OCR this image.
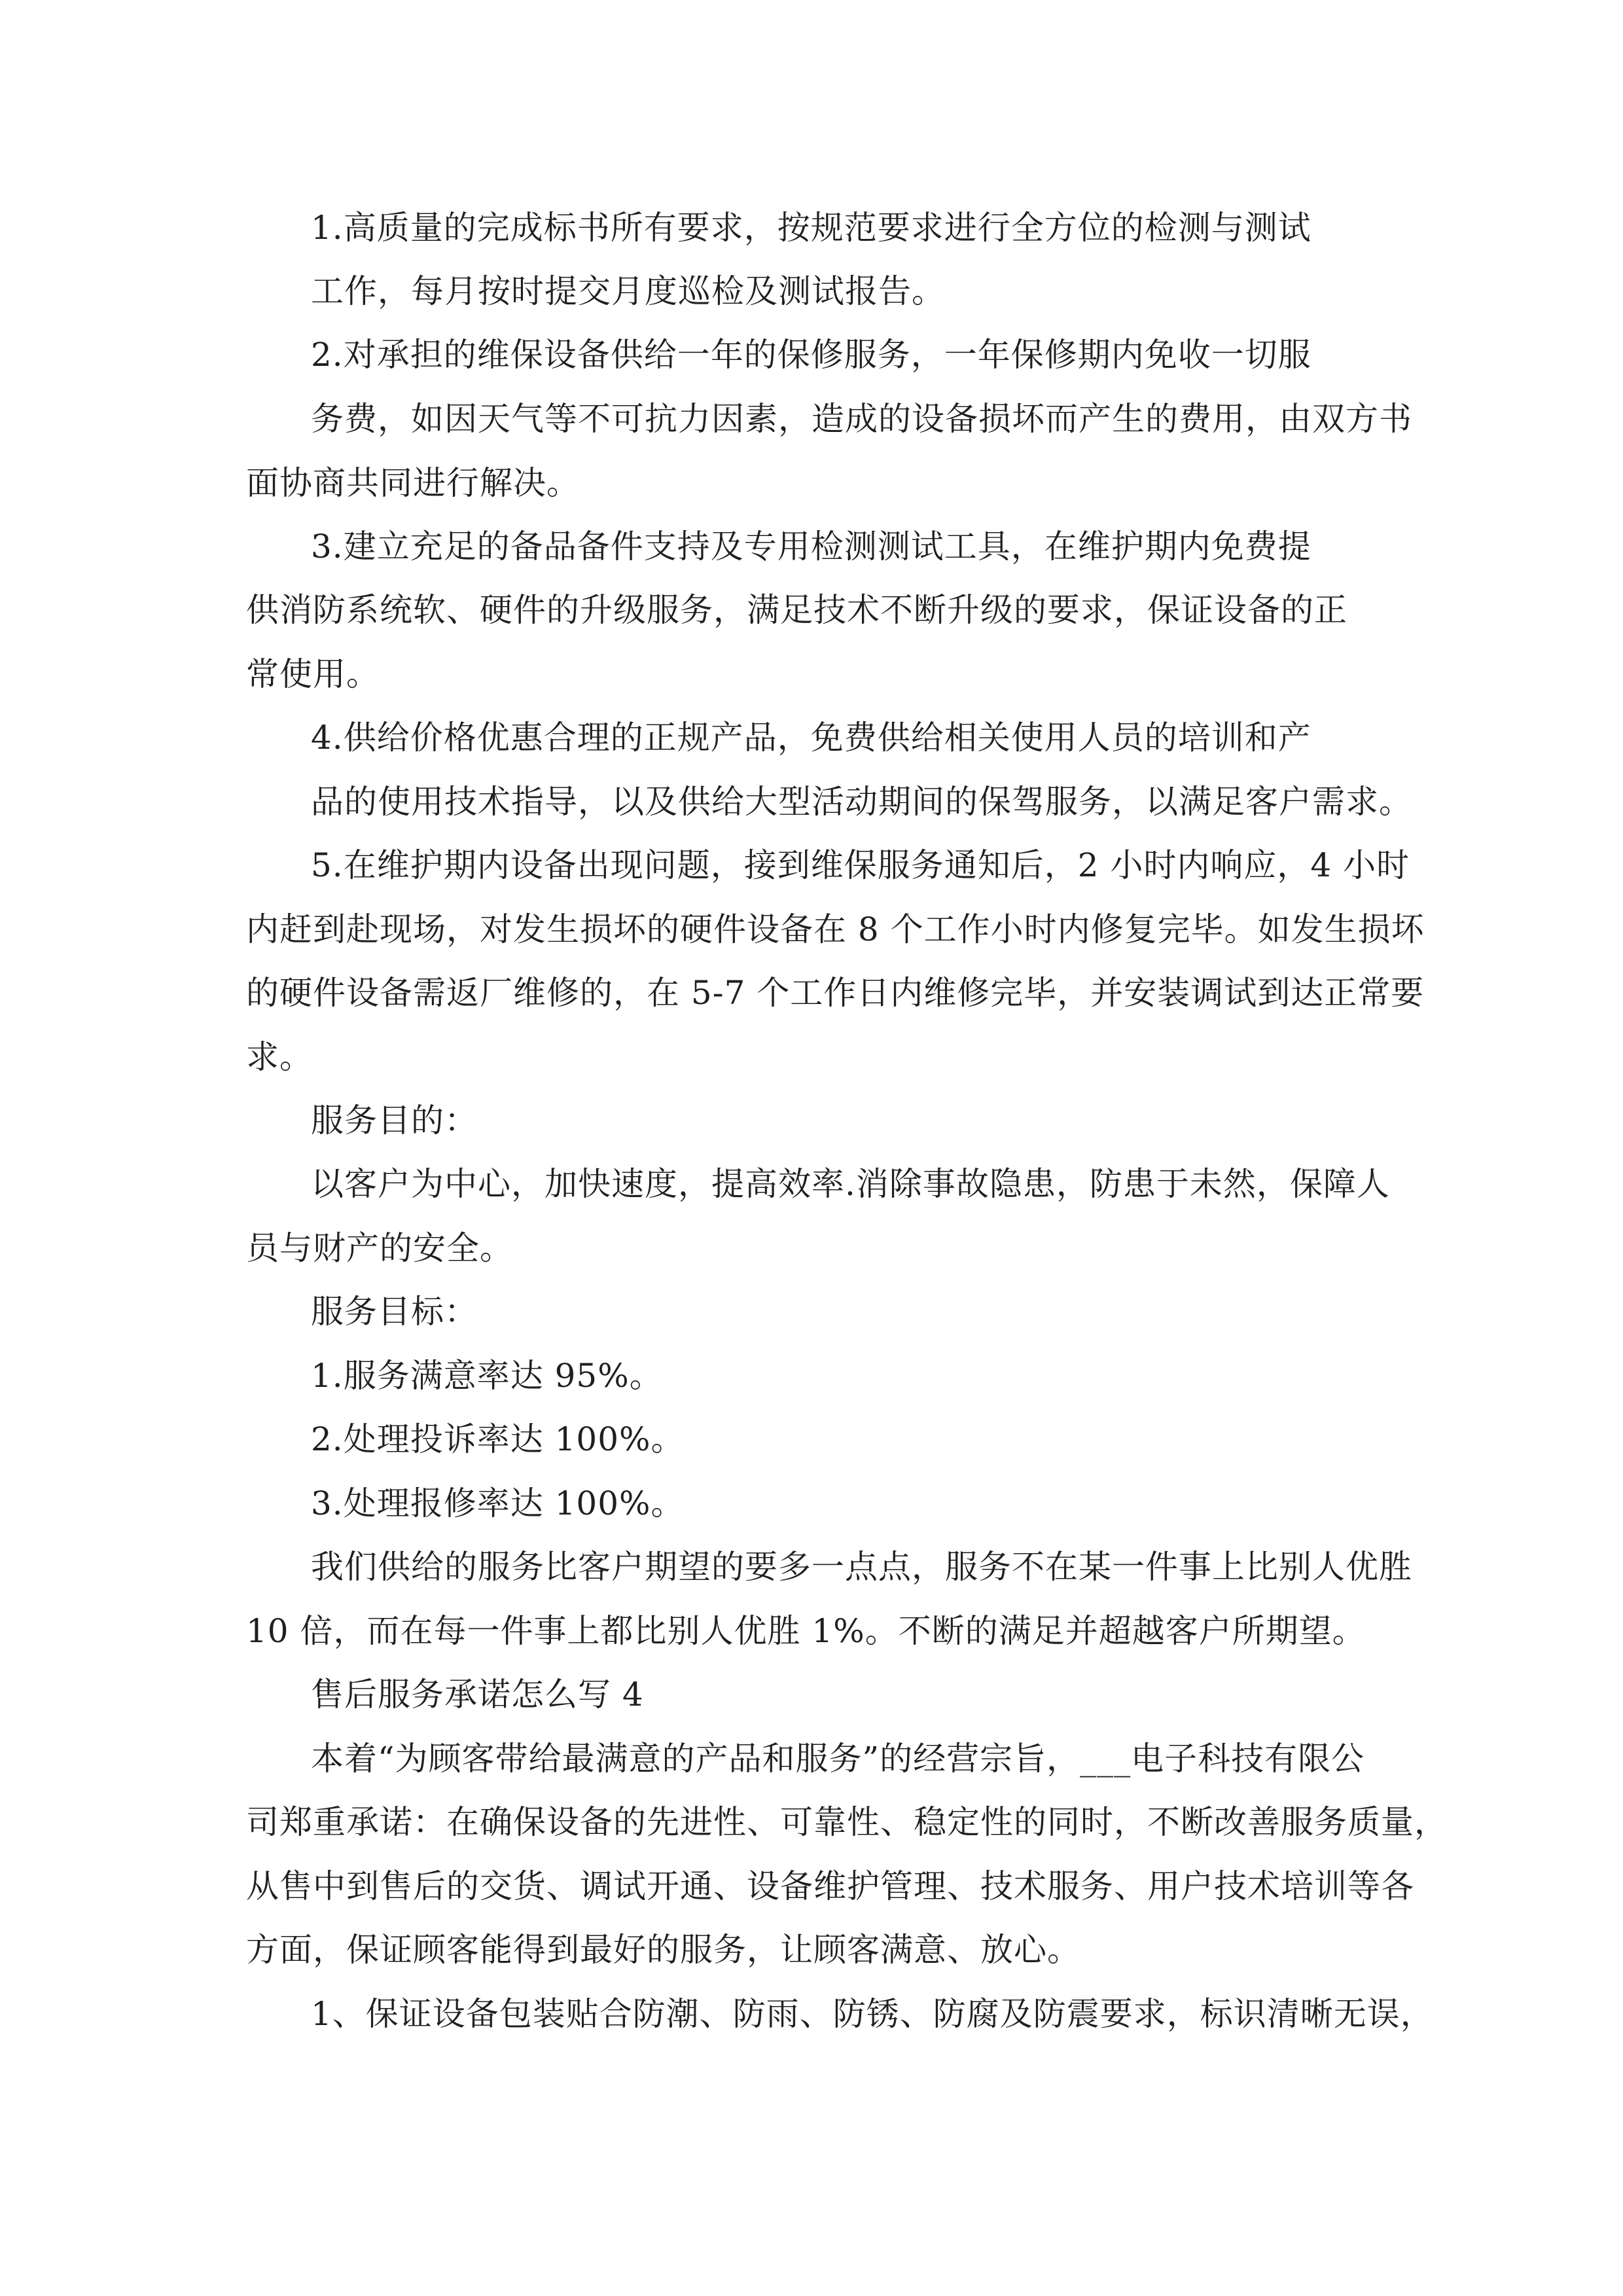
1.高质量的完成标书所有要求，按规范要求进行全方位的检测与测试

工作，每月按时提交月度巡检及测试报告。

2.对承担的维保设备供给一年的保修服务，一年保修期内免收一切服

务费，如因天气等不可抗力因素，造成的设备损坏而产生的费用，由双方书

面协商共同进行解决。

3.建立充足的备品备件支持及专用检测测试工具，在维护期内免费提

供消防系统软、硬件的升级服务，满足技术不断升级的要求，保证设备的正

常使用。

4.供给价格优惠合理的正规产品，免费供给相关使用人员的培训和产

品的使用技术指导，以及供给大型活动期间的保驾服务，以满足客户需求。

5.在维护期内设备出现问题，接到维保服务通知后，2 小时内响应，4 小时

内赶到赴现场，对发生损坏的硬件设备在 8 个工作小时内修复完毕。如发生损坏

的硬件设备需返厂维修的，在 5-7 个工作日内维修完毕，并安装调试到达正常要

求。

服务目的：

以客户为中心，加快速度，提高效率.消除事故隐患，防患于未然，保障人

员与财产的安全。

服务目标：

1.服务满意率达 95%。

2.处理投诉率达 100%。

3.处理报修率达 100%。

我们供给的服务比客户期望的要多一点点，服务不在某一件事上比别人优胜

10 倍，而在每一件事上都比别人优胜 1%。不断的满足并超越客户所期望。

售后服务承诺怎么写 4

本着“为顾客带给最满意的产品和服务”的经营宗旨，___电子科技有限公

司郑重承诺：在确保设备的先进性、可靠性、稳定性的同时，不断改善服务质量，

从售中到售后的交货、调试开通、设备维护管理、技术服务、用户技术培训等各

方面，保证顾客能得到最好的服务，让顾客满意、放心。

1、保证设备包装贴合防潮、防雨、防锈、防腐及防震要求，标识清晰无误，
